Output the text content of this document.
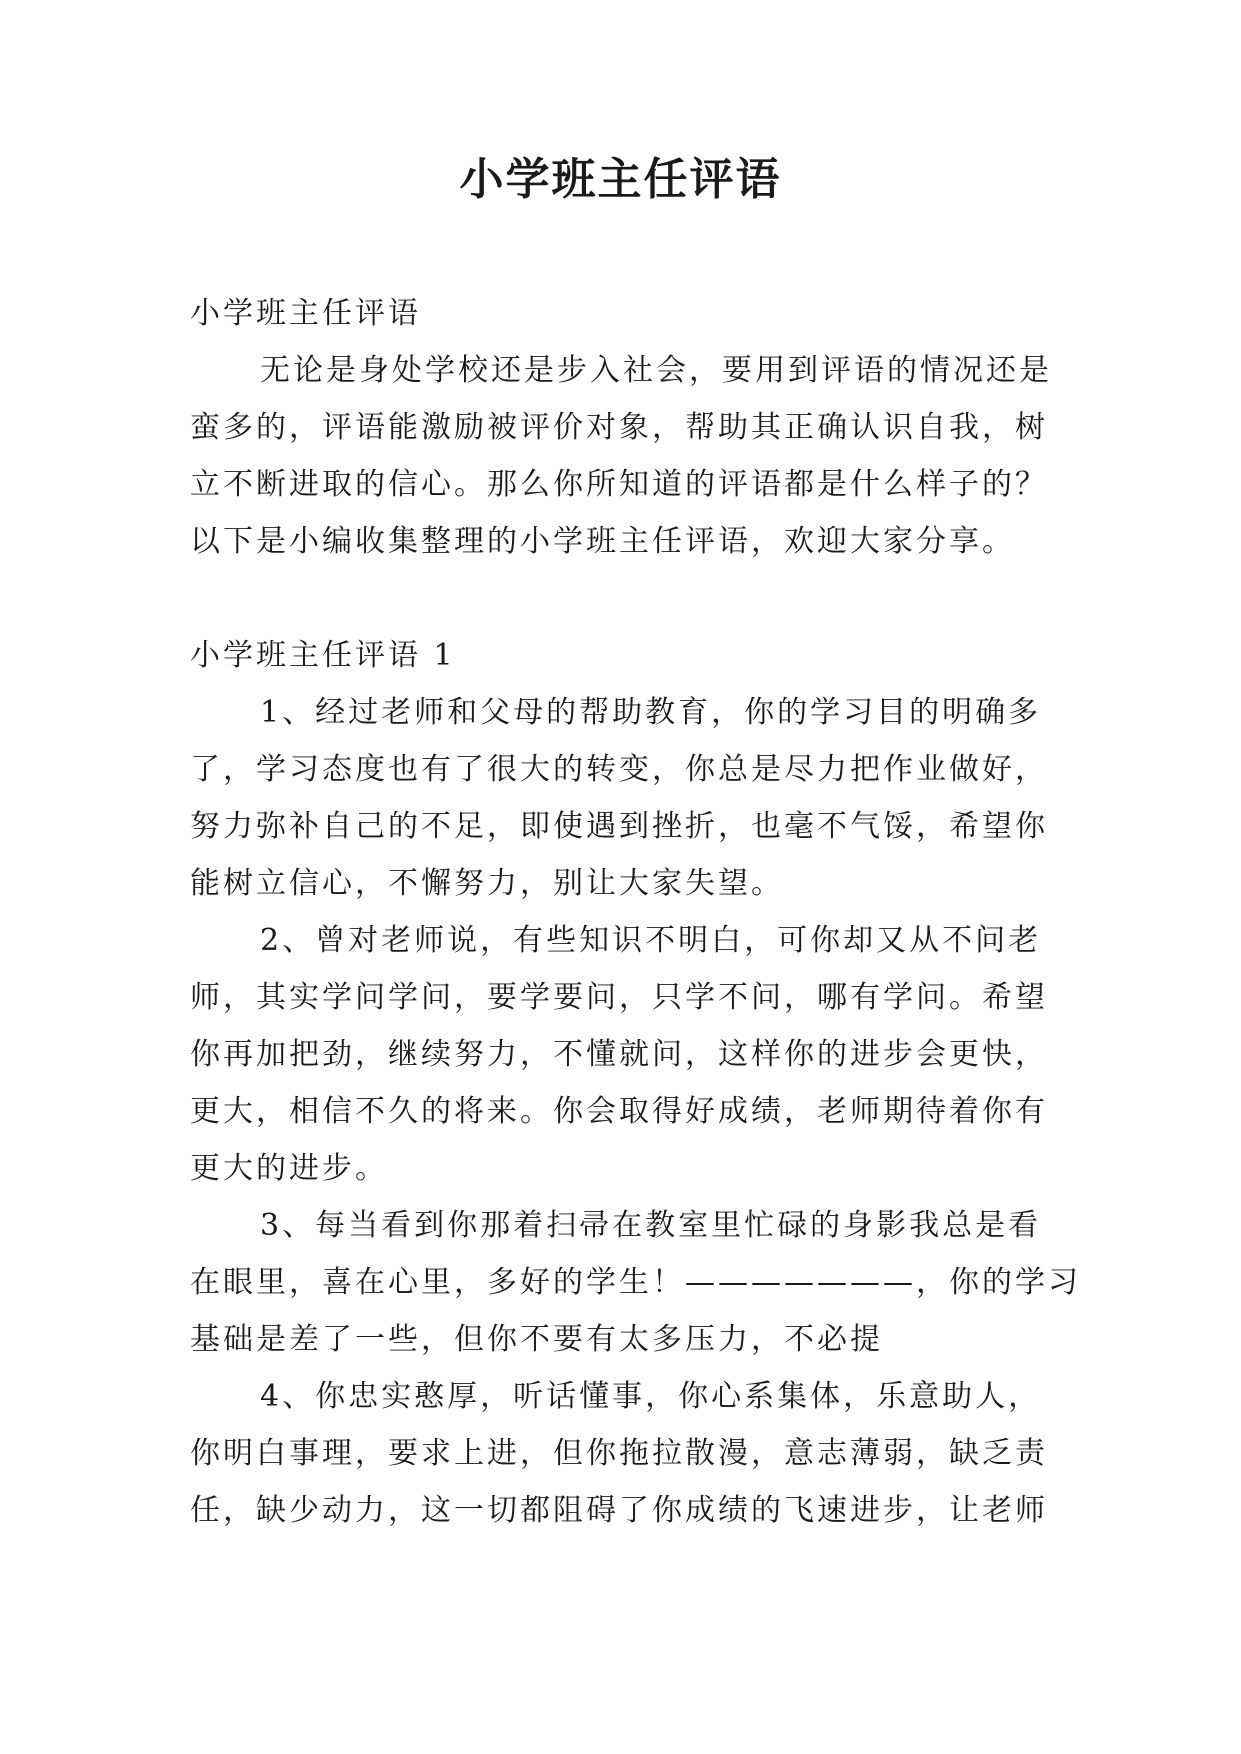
小学班主任评语

小学班主任评语

无论是身处学校还是步入社会，要用到评语的情况还是
蛮多的，评语能激励被评价对象，帮助其正确认识自我，树
立不断进取的信心。那么你所知道的评语都是什么样子的？
以下是小编收集整理的小学班主任评语，欢迎大家分享。

小学班主任评语 1

1、经过老师和父母的帮助教育，你的学习目的明确多
了，学习态度也有了很大的转变，你总是尽力把作业做好，
努力弥补自己的不足，即使遇到挫折，也毫不气馁，希望你
能树立信心，不懈努力，别让大家失望。

2、曾对老师说，有些知识不明白，可你却又从不问老
师，其实学问学问，要学要问，只学不问，哪有学问。希望
你再加把劲，继续努力，不懂就问，这样你的进步会更快，
更大，相信不久的将来。你会取得好成绩，老师期待着你有
更大的进步。

3、每当看到你那着扫帚在教室里忙碌的身影我总是看
在眼里，喜在心里，多好的学生！———————，你的学习
基础是差了一些，但你不要有太多压力，不必提

4、你忠实憨厚，听话懂事，你心系集体，乐意助人，
你明白事理，要求上进，但你拖拉散漫，意志薄弱，缺乏责
任，缺少动力，这一切都阻碍了你成绩的飞速进步，让老师
